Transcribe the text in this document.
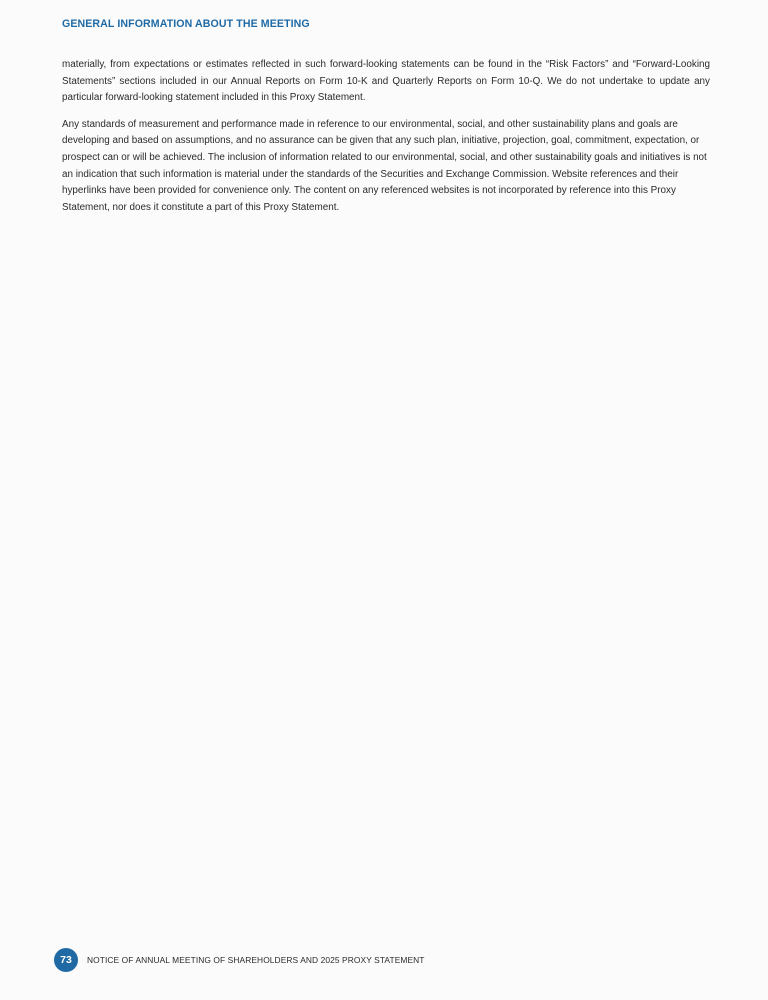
GENERAL INFORMATION ABOUT THE MEETING

materially, from expectations or estimates reflected in such forward-looking statements can be found in the “Risk Factors” and “Forward-Looking Statements” sections included in our Annual Reports on Form 10-K and Quarterly Reports on Form 10-Q. We do not undertake to update any particular forward-looking statement included in this Proxy Statement.

Any standards of measurement and performance made in reference to our environmental, social, and other sustainability plans and goals are developing and based on assumptions, and no assurance can be given that any such plan, initiative, projection, goal, commitment, expectation, or prospect can or will be achieved. The inclusion of information related to our environmental, social, and other sustainability goals and initiatives is not an indication that such information is material under the standards of the Securities and Exchange Commission. Website references and their hyperlinks have been provided for convenience only. The content on any referenced websites is not incorporated by reference into this Proxy Statement, nor does it constitute a part of this Proxy Statement.

73	NOTICE OF ANNUAL MEETING OF SHAREHOLDERS AND 2025 PROXY STATEMENT
